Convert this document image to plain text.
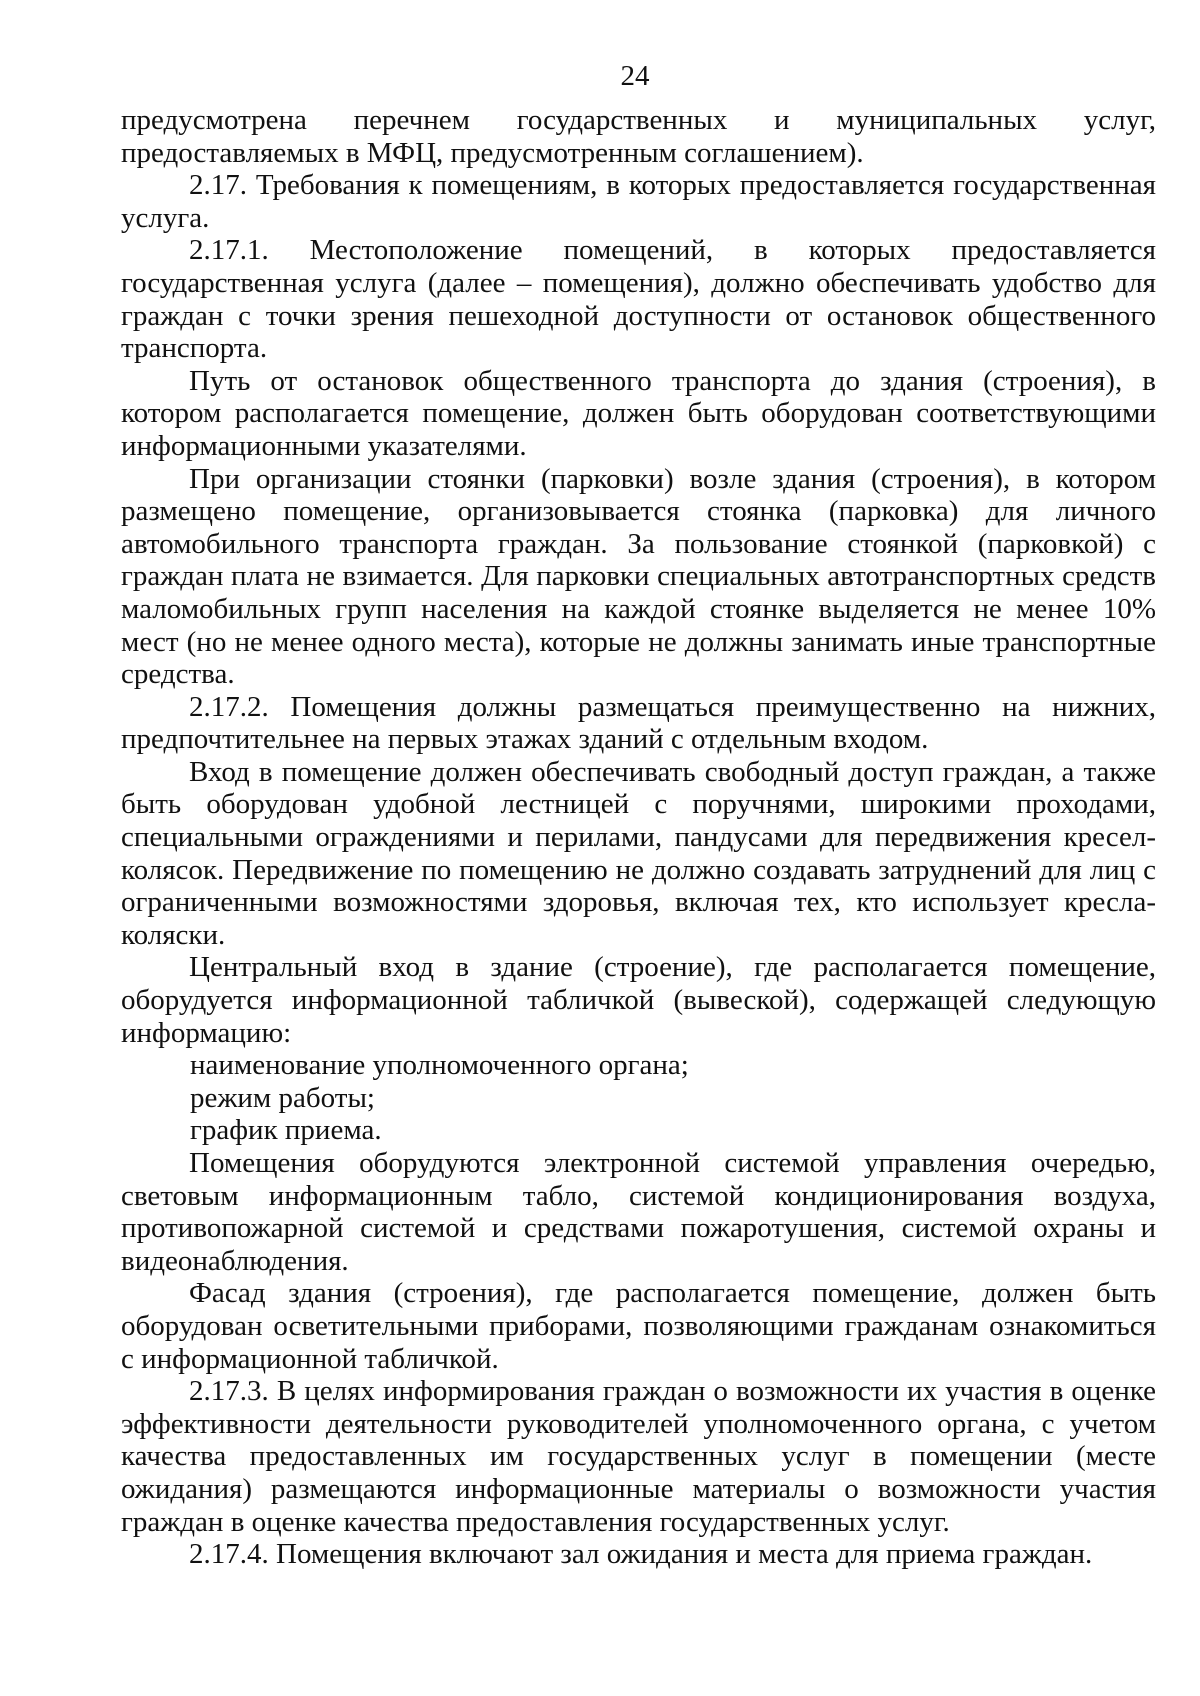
24

предусмотрена перечнем государственных и муниципальных услуг, предоставляемых в МФЦ, предусмотренным соглашением).

2.17. Требования к помещениям, в которых предоставляется государственная услуга.

2.17.1. Местоположение помещений, в которых предоставляется государственная услуга (далее – помещения), должно обеспечивать удобство для граждан с точки зрения пешеходной доступности от остановок общественного транспорта.

Путь от остановок общественного транспорта до здания (строения), в котором располагается помещение, должен быть оборудован соответствующими информационными указателями.

При организации стоянки (парковки) возле здания (строения), в котором размещено помещение, организовывается стоянка (парковка) для личного автомобильного транспорта граждан. За пользование стоянкой (парковкой) с граждан плата не взимается. Для парковки специальных автотранспортных средств маломобильных групп населения на каждой стоянке выделяется не менее 10% мест (но не менее одного места), которые не должны занимать иные транспортные средства.

2.17.2. Помещения должны размещаться преимущественно на нижних, предпочтительнее на первых этажах зданий с отдельным входом.

Вход в помещение должен обеспечивать свободный доступ граждан, а также быть оборудован удобной лестницей с поручнями, широкими проходами, специальными ограждениями и перилами, пандусами для передвижения кресел-колясок. Передвижение по помещению не должно создавать затруднений для лиц с ограниченными возможностями здоровья, включая тех, кто использует кресла-коляски.

Центральный вход в здание (строение), где располагается помещение, оборудуется информационной табличкой (вывеской), содержащей следующую информацию:

наименование уполномоченного органа;

режим работы;

график приема.

Помещения оборудуются электронной системой управления очередью, световым информационным табло, системой кондиционирования воздуха, противопожарной системой и средствами пожаротушения, системой охраны и видеонаблюдения.

Фасад здания (строения), где располагается помещение, должен быть оборудован осветительными приборами, позволяющими гражданам ознакомиться с информационной табличкой.

2.17.3. В целях информирования граждан о возможности их участия в оценке эффективности деятельности руководителей уполномоченного органа, с учетом качества предоставленных им государственных услуг в помещении (месте ожидания) размещаются информационные материалы о возможности участия граждан в оценке качества предоставления государственных услуг.

2.17.4. Помещения включают зал ожидания и места для приема граждан.
